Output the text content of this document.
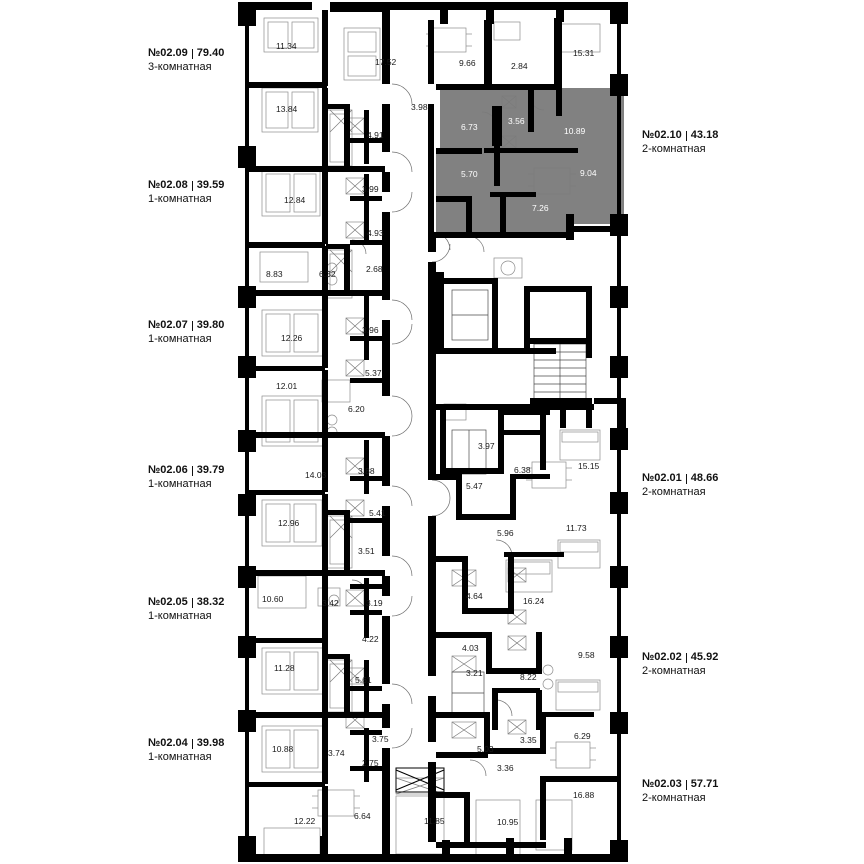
№02.09 79.40
3-комнатная
№02.08 39.59
1-комнатная
№02.07 39.80
1-комнатная
№02.06 39.79
1-комнатная
№02.05 38.32
1-комнатная
№02.04 39.98
1-комнатная
№02.10 43.18
2-комнатная
№02.01 48.66
2-комнатная
№02.02 45.92
2-комнатная
№02.03 57.71
2-комнатная
11.34
17.52	9.66	2.84
15.31
13.84	3.98
6.73
3.56
10.89
4.91
12.84
3.99
5.70	9.04
7.26
4.93
8.83	6.32	2.68
12.26
3.96
5.37
12.01
6.20
3.97
6.38	15.15
14.03	3.88
5.47
5.41
12.96
5.96	11.73
3.51
4.64	16.24
10.60	3.42	3.19
4.22
4.03
9.58
11.28
5.61
3.21	8.22
3.75
10.88	3.74	5.03
3.35	6.29
2.75	3.36
16.88
11.85	10.95
12.22	6.64
